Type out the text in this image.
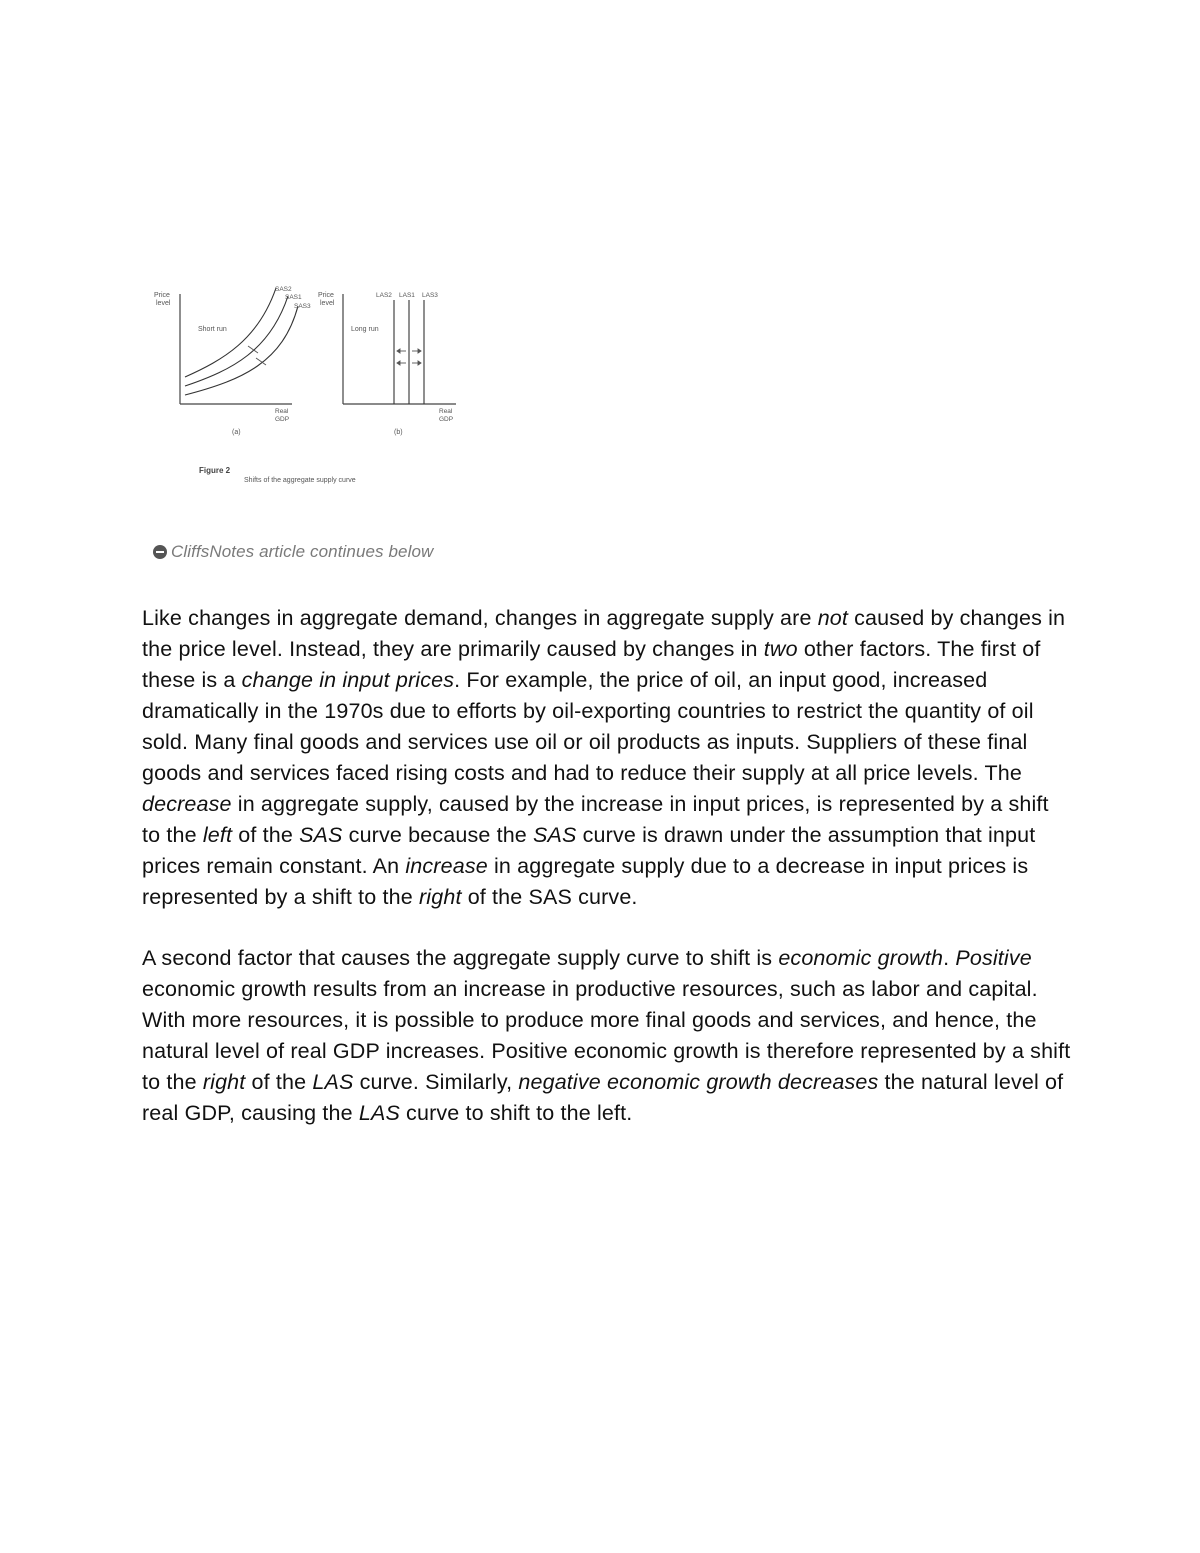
Price
level
Short run
SAS2
SAS1
SAS3
Real
GDP
(a)
Price
level
Long run
LAS2 LAS1 LAS3
Real
GDP
(b)
Figure 2
Shifts of the aggregate supply curve
CliffsNotes article continues below

Like changes in aggregate demand, changes in aggregate supply are not caused by changes in the price level. Instead, they are primarily caused by changes in two other factors. The first of these is a change in input prices. For example, the price of oil, an input good, increased dramatically in the 1970s due to efforts by oil-exporting countries to restrict the quantity of oil sold. Many final goods and services use oil or oil products as inputs. Suppliers of these final goods and services faced rising costs and had to reduce their supply at all price levels. The decrease in aggregate supply, caused by the increase in input prices, is represented by a shift to the left of the SAS curve because the SAS curve is drawn under the assumption that input prices remain constant. An increase in aggregate supply due to a decrease in input prices is represented by a shift to the right of the SAS curve.

A second factor that causes the aggregate supply curve to shift is economic growth. Positive economic growth results from an increase in productive resources, such as labor and capital. With more resources, it is possible to produce more final goods and services, and hence, the natural level of real GDP increases. Positive economic growth is therefore represented by a shift to the right of the LAS curve. Similarly, negative economic growth decreases the natural level of real GDP, causing the LAS curve to shift to the left.
